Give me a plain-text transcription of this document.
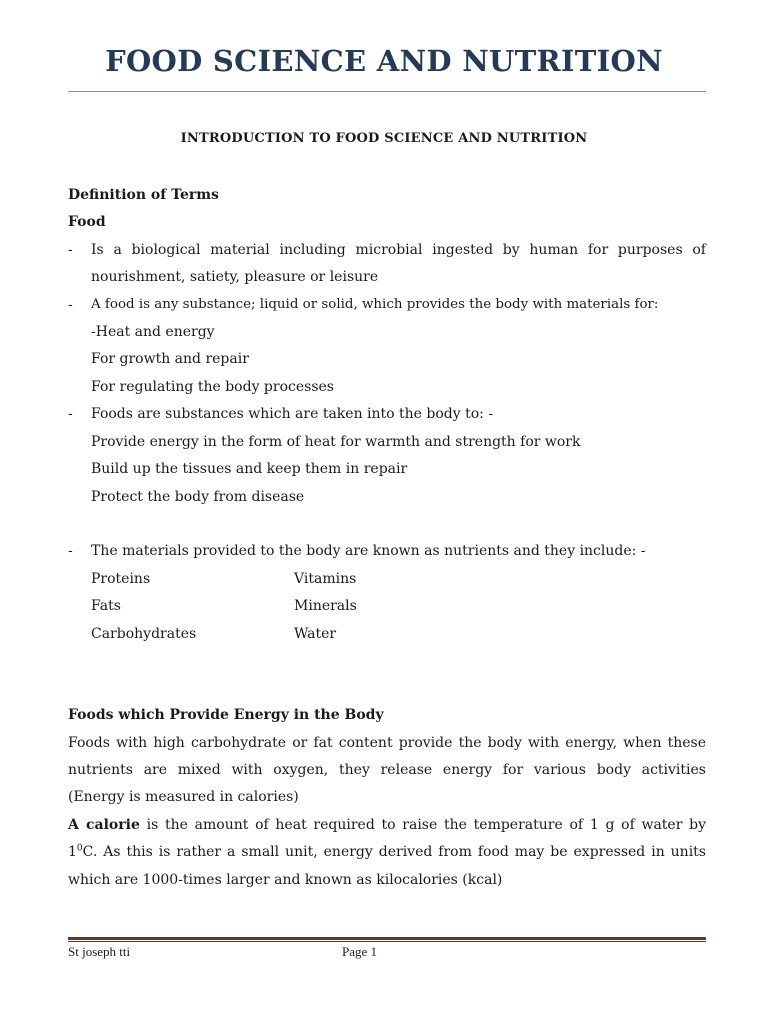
FOOD SCIENCE AND NUTRITION
INTRODUCTION TO FOOD SCIENCE AND NUTRITION
Definition of Terms
Food
- Is a biological material including microbial ingested by human for purposes of
nourishment, satiety, pleasure or leisure
- A food is any substance; liquid or solid, which provides the body with materials for:
-Heat and energy
For growth and repair
For regulating the body processes
- Foods are substances which are taken into the body to: -
Provide energy in the form of heat for warmth and strength for work
Build up the tissues and keep them in repair
Protect the body from disease
- The materials provided to the body are known as nutrients and they include: -
Proteins	Vitamins
Fats	Minerals
Carbohydrates	Water
Foods which Provide Energy in the Body
Foods with high carbohydrate or fat content provide the body with energy, when these
nutrients are mixed with oxygen, they release energy for various body activities
(Energy is measured in calories)
A calorie is the amount of heat required to raise the temperature of 1 g of water by
$1^0C$. As this is rather a small unit, energy derived from food may be expressed in units
which are 1000-times larger and known as kilocalories (kcal)
St joseph tti	Page 1
